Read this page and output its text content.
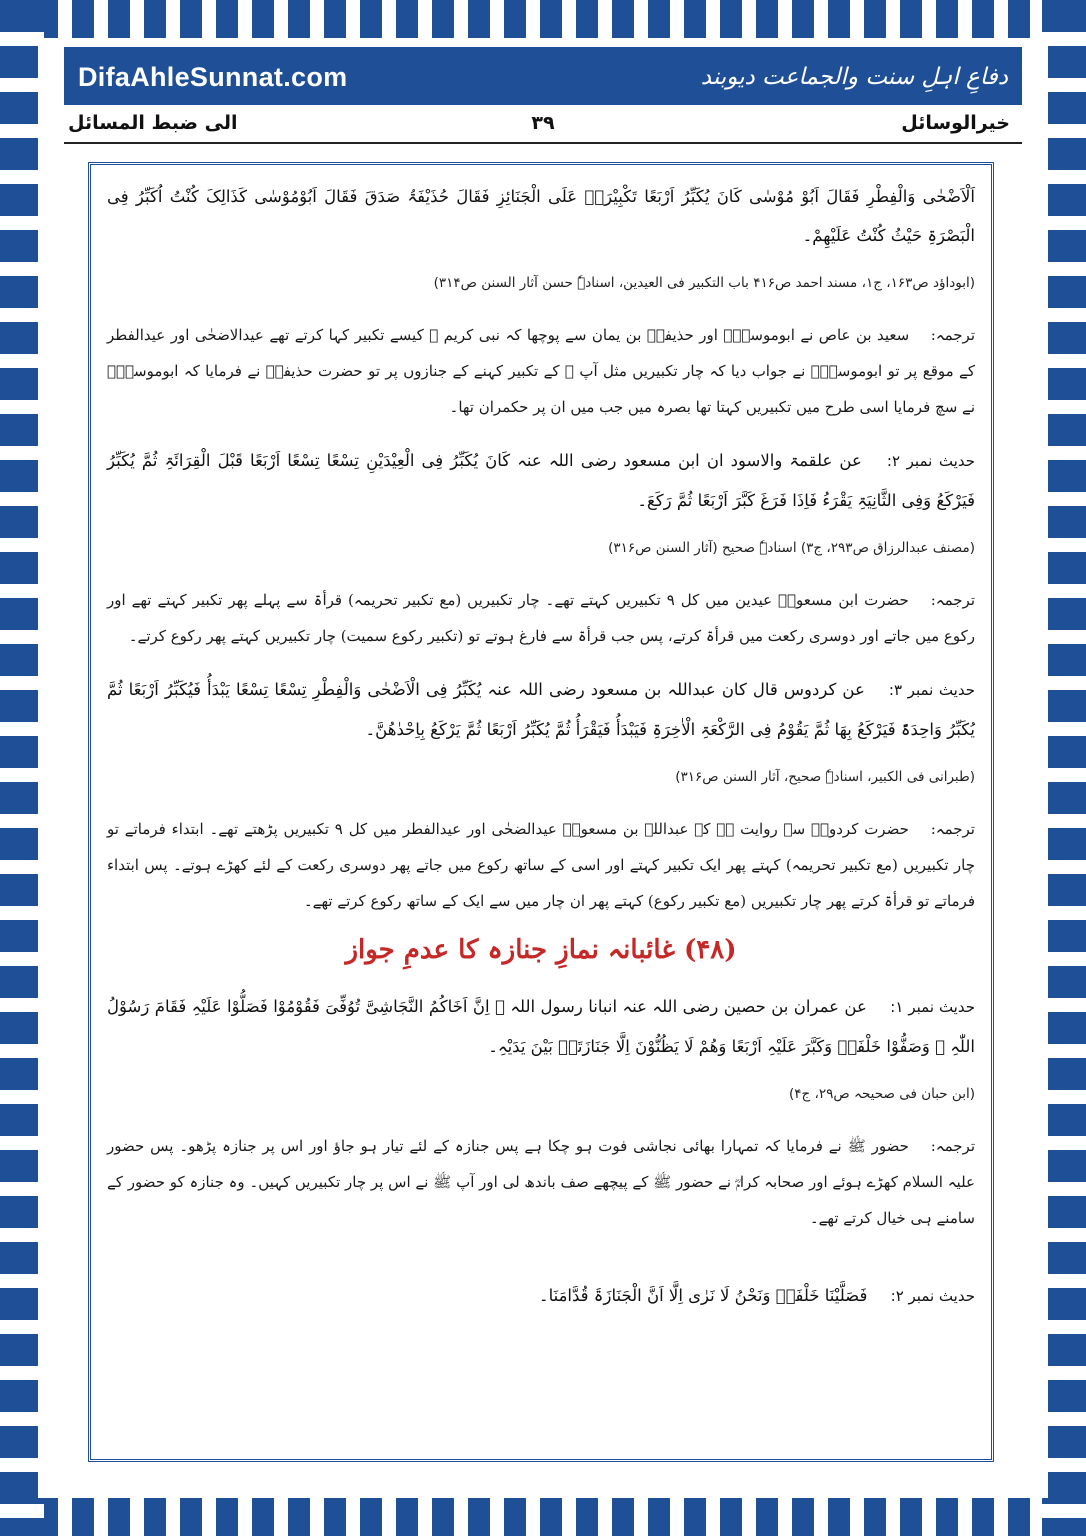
DifaAhleSunnat.com	دفاعِ اہلِ سنت والجماعت دیوبند
خیرالوسائل
۳۹
الی ضبط المسائل
اَلْاَضْحٰی وَالْفِطْرِ فَقَالَ اَبُوْ مُوْسٰی کَانَ یُکَبِّرُ اَرْبَعًا تَکْبِیْرَہٗ عَلَی الْجَنَائِزِ فَقَالَ حُذَیْفَۃُ صَدَقَ فَقَالَ اَبُوْمُوْسٰی کَذَالِکَ کُنْتُ اُکَبِّرُ فِی الْبَصْرَۃِ حَیْثُ کُنْتُ عَلَیْھِمْ۔
(ابوداؤد ص۱۶۳، ج۱، مسند احمد ص۴۱۶ باب التکبیر فی العیدین، اسنادہٗ حسن آثار السنن ص۳۱۴)
ترجمہ: سعید بن عاص نے ابوموسیٰؓ اور حذیفہؓ بن یمان سے پوچھا کہ نبی کریم ﷺ کیسے تکبیر کہا کرتے تھے عیدالاضحٰی اور عیدالفطر کے موقع پر تو ابوموسیٰؓ نے جواب دیا کہ چار تکبیریں مثل آپ ﷺ کے تکبیر کہنے کے جنازوں پر تو حضرت حذیفہؓ نے فرمایا کہ ابوموسیٰؓ نے سچ فرمایا اسی طرح میں تکبیریں کہتا تھا بصرہ میں جب میں ان پر حکمران تھا۔
حدیث نمبر ۲: عن علقمۃ والاسود ان ابن مسعود رضی اللہ عنہ کَانَ یُکَبِّرُ فِی الْعِیْدَیْنِ تِسْعًا تِسْعًا اَرْبَعًا قَبْلَ الْقِرَائَۃِ ثُمَّ یُکَبِّرُ فَیَرْکَعُ وَفِی الثَّانِیَۃِ یَقْرَءُ فَاِذَا فَرَغَ کَبَّرَ اَرْبَعًا ثُمَّ رَکَعَ۔
(مصنف عبدالرزاق ص۲۹۳، ج۳) اسنادہٗ صحیح (آثار السنن ص۳۱۶)
ترجمہ: حضرت ابن مسعودؓ عیدین میں کل ۹ تکبیریں کہتے تھے۔ چار تکبیریں (مع تکبیر تحریمہ) قرأۃ سے پہلے پھر تکبیر کہتے تھے اور رکوع میں جاتے اور دوسری رکعت میں قرأۃ کرتے، پس جب قرأۃ سے فارغ ہوتے تو (تکبیر رکوع سمیت) چار تکبیریں کہتے پھر رکوع کرتے۔
حدیث نمبر ۳: عن کردوس قال کان عبداللہ بن مسعود رضی اللہ عنہ یُکَبِّرُ فِی الْاَضْحٰی وَالْفِطْرِ تِسْعًا تِسْعًا یَبْدَأُ فَیُکَبِّرُ اَرْبَعًا ثُمَّ یُکَبِّرُ وَاحِدَۃً فَیَرْکَعُ بِھَا ثُمَّ یَقُوْمُ فِی الرَّکْعَۃِ الْاٰخِرَۃِ فَیَبْدَأُ فَیَقْرَأُ ثُمَّ یُکَبِّرُ اَرْبَعًا ثُمَّ یَرْکَعُ بِاِحْدٰھُنَّ۔
(طبرانی فی الکبیر، اسنادہٗ صحیح، آثار السنن ص۳۱۶)
ترجمہ: حضرت کردوسؒ سے روایت ہے کہ عبداللہ بن مسعودؓ عیدالضحٰی اور عیدالفطر میں کل ۹ تکبیریں پڑھتے تھے۔ ابتداء فرماتے تو چار تکبیریں (مع تکبیر تحریمہ) کہتے پھر ایک تکبیر کہتے اور اسی کے ساتھ رکوع میں جاتے پھر دوسری رکعت کے لئے کھڑے ہوتے۔ پس ابتداء فرماتے تو قرأۃ کرتے پھر چار تکبیریں (مع تکبیر رکوع) کہتے پھر ان چار میں سے ایک کے ساتھ رکوع کرتے تھے۔
(۴۸) غائبانہ نمازِ جنازہ کا عدمِ جواز
حدیث نمبر ۱: عن عمران بن حصین رضی اللہ عنہ انبانا رسول اللہ ﷺ اِنَّ اَخَاکُمُ النَّجَاشِیَّ تُوُفِّیَ فَقُوْمُوْا فَصَلُّوْا عَلَیْہِ فَقَامَ رَسُوْلُ اللّٰہِ ﷺ وَصَفُّوْا خَلْفَہٗ وَکَبَّرَ عَلَیْہِ اَرْبَعًا وَھُمْ لَا یَظُنُّوْنَ اِلَّا جَنَازَتَہٗ بَیْنَ یَدَیْہِ۔
(ابن حبان فی صحیحہ ص۲۹، ج۴)
ترجمہ: حضور ﷺ نے فرمایا کہ تمہارا بھائی نجاشی فوت ہو چکا ہے پس جنازہ کے لئے تیار ہو جاؤ اور اس پر جنازہ پڑھو۔ پس حضور علیہ السلام کھڑے ہوئے اور صحابہ کرامؓ نے حضور ﷺ کے پیچھے صف باندھ لی اور آپ ﷺ نے اس پر چار تکبیریں کہیں۔ وہ جنازہ کو حضور کے سامنے ہی خیال کرتے تھے۔
حدیث نمبر ۲: فَصَلَّیْنَا خَلْفَہٗ وَنَحْنُ لَا نَرٰی اِلَّا اَنَّ الْجَنَازَۃَ قُدَّامَنَا۔
